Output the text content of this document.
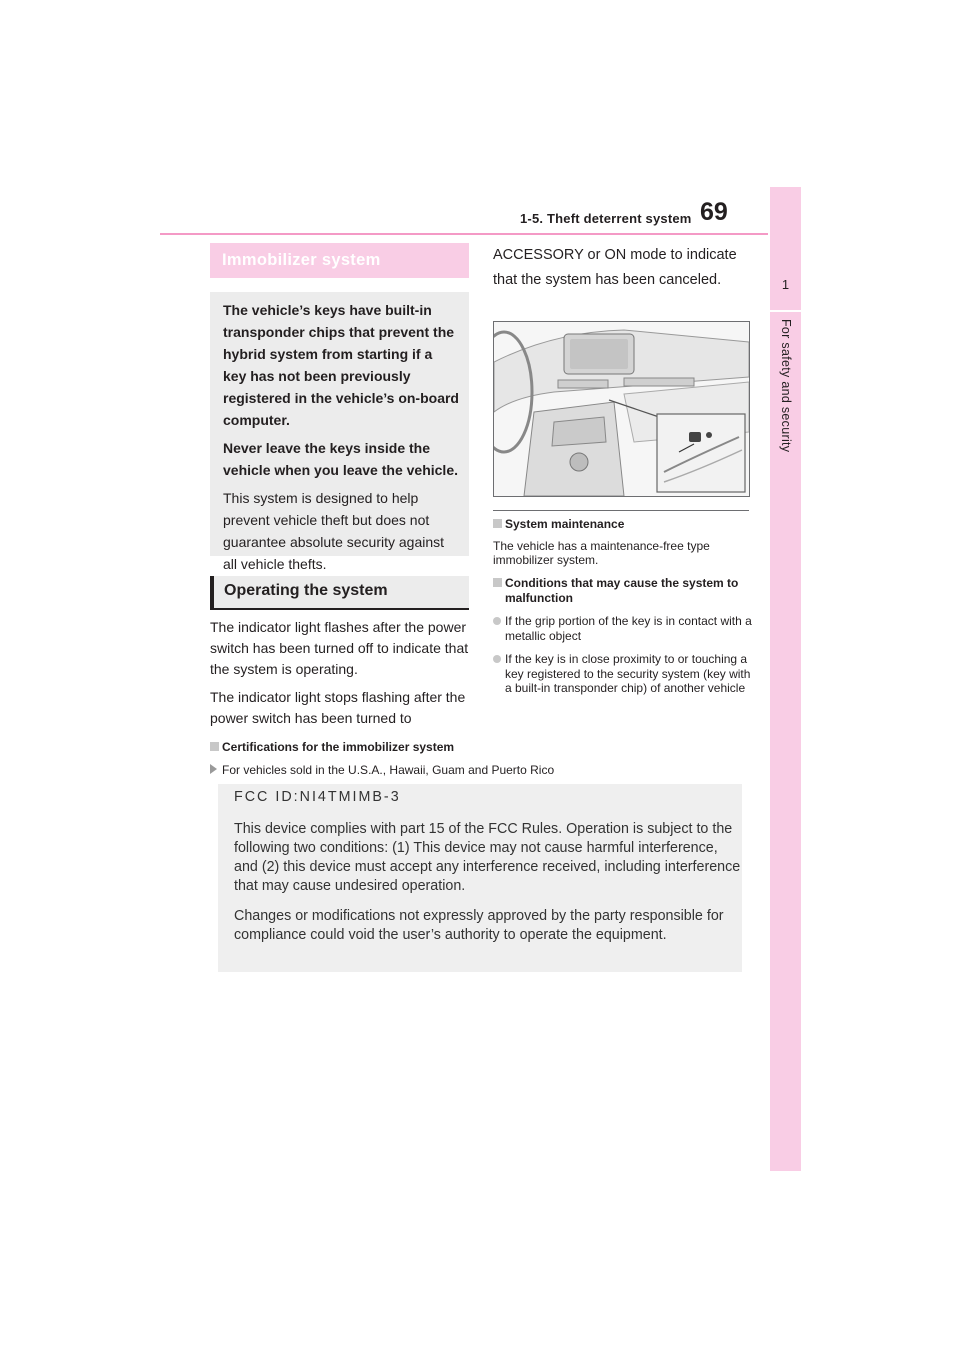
1-5. Theft deterrent system 69
1
For safety and security
Immobilizer system

The vehicle’s keys have built-in transponder chips that prevent the hybrid system from starting if a key has not been previously registered in the vehicle’s on-board computer.

Never leave the keys inside the vehicle when you leave the vehicle.

This system is designed to help prevent vehicle theft but does not guarantee absolute security against all vehicle thefts.

Operating the system

The indicator light flashes after the power switch has been turned off to indicate that the system is operating.

The indicator light stops flashing after the power switch has been turned to

ACCESSORY or ON mode to indicate that the system has been canceled.
System maintenance
The vehicle has a maintenance-free type immobilizer system.
Conditions that may cause the system to malfunction
If the grip portion of the key is in contact with a metallic object
If the key is in close proximity to or touching a key registered to the security system (key with a built-in transponder chip) of another vehicle
Certifications for the immobilizer system
For vehicles sold in the U.S.A., Hawaii, Guam and Puerto Rico

FCC ID:NI4TMIMB-3

This device complies with part 15 of the FCC Rules. Operation is subject to the following two conditions: (1) This device may not cause harmful interference, and (2) this device must accept any interference received, including interference that may cause undesired operation.

Changes or modifications not expressly approved by the party responsible for compliance could void the user’s authority to operate the equipment.
